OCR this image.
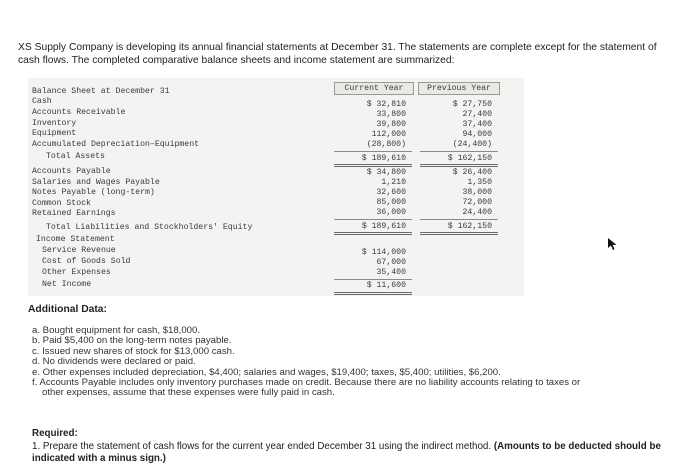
XS Supply Company is developing its annual financial statements at December 31. The statements are complete except for the statement of cash flows. The completed comparative balance sheets and income statement are summarized:
Current Year	Previous Year
Balance Sheet at December 31
Cash
Accounts Receivable
Inventory
Equipment
Accumulated Depreciation–Equipment
Total Assets
Accounts Payable
Salaries and Wages Payable
Notes Payable (long-term)
Common Stock
Retained Earnings
Total Liabilities and Stockholders' Equity
Income Statement
Service Revenue
Cost of Goods Sold
Other Expenses
Net Income
$ 32,810
33,800
39,800
112,000
(28,800)
$ 189,610
$ 34,800
1,210
32,600
85,000
36,000
$ 189,610
$ 114,000
67,000
35,400
$ 11,600
$ 27,750
27,400
37,400
94,000
(24,400)
$ 162,150
$ 26,400
1,350
38,000
72,000
24,400
$ 162,150
Additional Data:
a. Bought equipment for cash, $18,000.
b. Paid $5,400 on the long-term notes payable.
c. Issued new shares of stock for $13,000 cash.
d. No dividends were declared or paid.
e. Other expenses included depreciation, $4,400; salaries and wages, $19,400; taxes, $5,400; utilities, $6,200.
f. Accounts Payable includes only inventory purchases made on credit. Because there are no liability accounts relating to taxes or
other expenses, assume that these expenses were fully paid in cash.
Required:
1. Prepare the statement of cash flows for the current year ended December 31 using the indirect method. (Amounts to be deducted should be indicated with a minus sign.)
